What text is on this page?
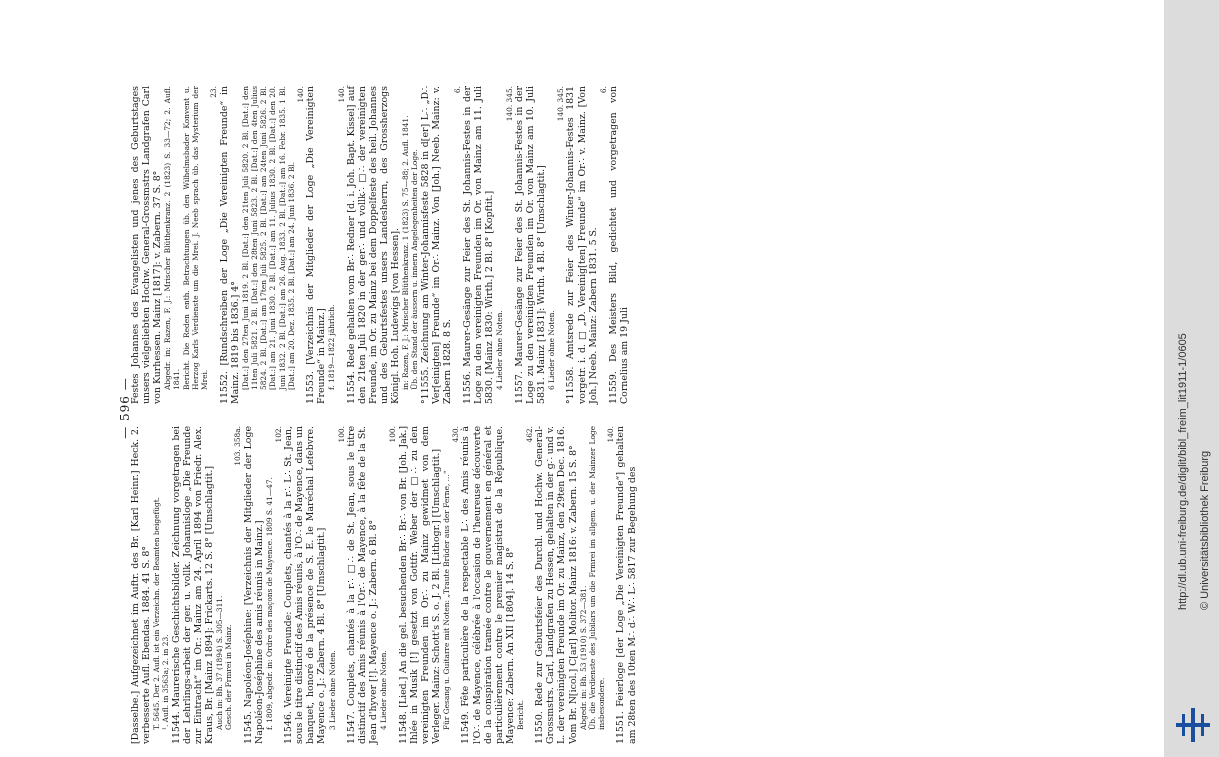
http://dl.ub.uni-freiburg.de/diglit/bibl_freim_lit1911-1/0605 © Universitätsbibliothek Freiburg
— 596 —
[Dasselbe.] Aufgezeichnet im Auftr. des Br. [Karl Heinr.] Heck. 2. verbesserte Aufl. Ebendas. 1884. 41 S. 8° T. 5645. Der 2. Aufl. ist ein Verzeichn. der Beamten beigefügt. ¹. Aufl. in 3563a; 2. in 23. 11544. Maurerische Geschichtsbilder. Zeichnung vorgetragen bei der Lehrlings-arbeit der ger. u. vollk. Johannisloge „Die Freunde zur Eintracht“ im Or.: Mainz am 24. April 1894 von Friedr. Alex. Kraus, Br. [Mainz 1894]: Frickarts. 12 S. 8° [Umschlagtit.] Auch in: Bh. 37 (1894) S. 305—311. Gesch. der Frmrei in Mainz.
103. 358a.
11545. Napoléon-Joséphine: [Verzeichnis der Mitglieder der Loge Napoléon-Joséphine des amis réunis in Mainz.] f. 1809, abgedr. in: Ordre des maçons de Mayence. 1809 S. 41—47.
102.
11546. Vereinigte Freunde: Couplets, chantés à la r∴ L∴ St. Jean, sous le titre distinctif des Amis réunis, à l'O∴ de Mayence, dans un banquet, honoré de la présence de S. E. le Maréchal Lefebvre. Mayence o. J.: Zabern. 4 Bl. 8° [Umschlagtit.] 3 Lieder ohne Noten.
100.
11547. Couplets, chantés à la r∴ □∴ de St. Jean, sous le titre distinctif des Amis réunis à l'Or∴ de Mayence, à la fête de la St. Jean d'hyver [!]. Mayence o. J.: Zabern. 6 Bl. 8° 4 Lieder ohne Noten.
100.
11548. [Lied.] An die gel. besuchenden Br∴ Br∴ von Br. [Joh. Jak.] Ihlée in Musik [!] gesetzt von Gottfr. Weber der □∴ zu den vereinigten Freunden im Or∴ zu Mainz gewidmet von dem Verleger. Mainz: Schott's S. o. J. 2 Bl. [Lithogr.] [Umschlagtit.] Für Gesang u. Guitarre mit Noten: „Traute Brüder aus der Ferne, ...“
430.
11549. Fête particulière de la respectable L∴ des Amis réunis à l'O∴ de Mayence, célébrée à l'occasion de l'heureuse découverte de la conspiration tramée contre le gouvernement en général et particulièrement contre le premier magistrat de la République. Mayence: Zabern. An XII [1804]. 14 S. 8° Bericht.
462.
11550. Rede zur Geburtsfeier des Durchl. und Hochw. General-Grossmstrs. Carl, Landgrafen zu Hessen, gehalten in der g∴ und v. L. der vereinigten Freunde im Or. zu Mainz, den 29ten Dec. 1816. Vom Br. N[icol.] C[arl] Molitor. Mainz 1816: v. Zabern. 15 S. 8° Abgedr. in: Bh. 53 (1910) S. 372—381. Üb. die Verdienste des Jubilars um die Frmrei im allgem. u. der Mainzer Loge insbesondere.
140.
11551. Feierloge [der Loge „Die Vereinigten Freunde“] gehalten am 28ten des 10ten M∴ d∴ W∴ L∴ 5817 zur Begehung des
Festes Johannes des Evangelisten und jenes des Geburtstages unsers vielgeliebten Hochw. General-Grossmstrs Landgrafen Carl von Kurhessen. Mainz [1817]: v. Zabern. 37 S. 8° Abgedr. in: Razen, F. J.: Mrischer Blüthenkranz. 2 (1823) S. 33—72; 2. Aufl. 1841. Bericht. Die Reden enth. Betrachtungen üb. den Wilhelmsbader Konvent u. Herzog Karls Verdienste um die Mrei. J. Neeb sprach üb. das Mysterium der Mrei.
23.
11552. [Rundschreiben der Loge „Die Vereinigten Freunde“ in Mainz. 1819 bis 1836.] 4° [Dat.:] den 27ten Juni 1819. 2 Bl. [Dat.:] den 21ten Juli 5820. 2 Bl. [Dat.:] den 11ten Juli 5821. 2 Bl. [Dat.:] den 28ten Juni 5823. 2 Bl. [Dat.:] den 4ten Julius 5824. 2 Bl. [Dat.:] am 17ten Juli 5825. 2 Bl. [Dat.:] am 24ten Juni 5826. 2 Bl. [Dat.:] am 21. Juni 1830. 2 Bl. [Dat.:] am 11. Julius 1830. 2 Bl. [Dat.:] den 20. Juni 1832. 2 Bl. [Dat.:] am 26. Aug. 1833. 2 Bl. [Dat.:] am 16. Febr. 1835. 1 Bl. [Dat.:] am 20. Dez. 1835. 2 Bl. [Dat.:] am 24. Juni 1836. 2 Bl.
140.
11553. [Verzeichnis der Mitglieder der Loge „Die Vereinigten Freunde“ in Mainz.] f. 1819—1822 jährlich.
140.
11554. Rede gehalten vom Br∴ Redner [d. i. Joh. Bapt. Kissel] auf den 21ten Juli 1820 in der ger∴ und vollk∴ □∴ der vereinigten Freunde, im Or. zu Mainz bei dem Doppelfeste des heil. Johannes und des Geburtsfestes unsers Landesherrn, des Grossherzogs Königl. Hoh. Ludewigs [von Hessen]. in: Razen, F. J.: Mrischer Blüthenkranz. 1 (1823) S. 75—88; 2. Aufl. 1841. Üb. den Stand der äussern u. innern Angelegenheiten der Loge. °11555. Zeichnung am Winter-Johannisfeste 5828 in d[er] L∴ „D∴ Ver[einigten] Freunde“ im Or∴ Mainz. Von [Joh.] Neeb. Mainz: v. Zabern 1828. 8 S.
6.
11556. Maurer-Gesänge zur Feier des St. Johannis-Festes in der Loge zu den vereinigten Freunden im Or. von Mainz am 11. Juli 5830. [Mainz 1830: Wirth.] 2 Bl. 8° [Kopftit.] 4 Lieder ohne Noten.
140. 345.
11557. Maurer-Gesänge zur Feier des St. Johannis-Festes in der Loge zu den vereinigten Freunden im Or. von Mainz am 10. Juli 5831. Mainz [1831]: Wirth. 4 Bl. 8° [Umschlagtit.] 6 Lieder ohne Noten.
140. 345.
°11558. Amtsrede zur Feier des Winter-Johannis-Festes 1831 vorgetr. i. d. □ „D. Vereinig[ten] Freunde“ im Or∴ v. Mainz. [Von Joh.] Neeb. Mainz: Zabern 1831. 5 S.
6.
11559. Des Meisters Bild, gedichtet und vorgetragen von Cornelius am 19 Juli
